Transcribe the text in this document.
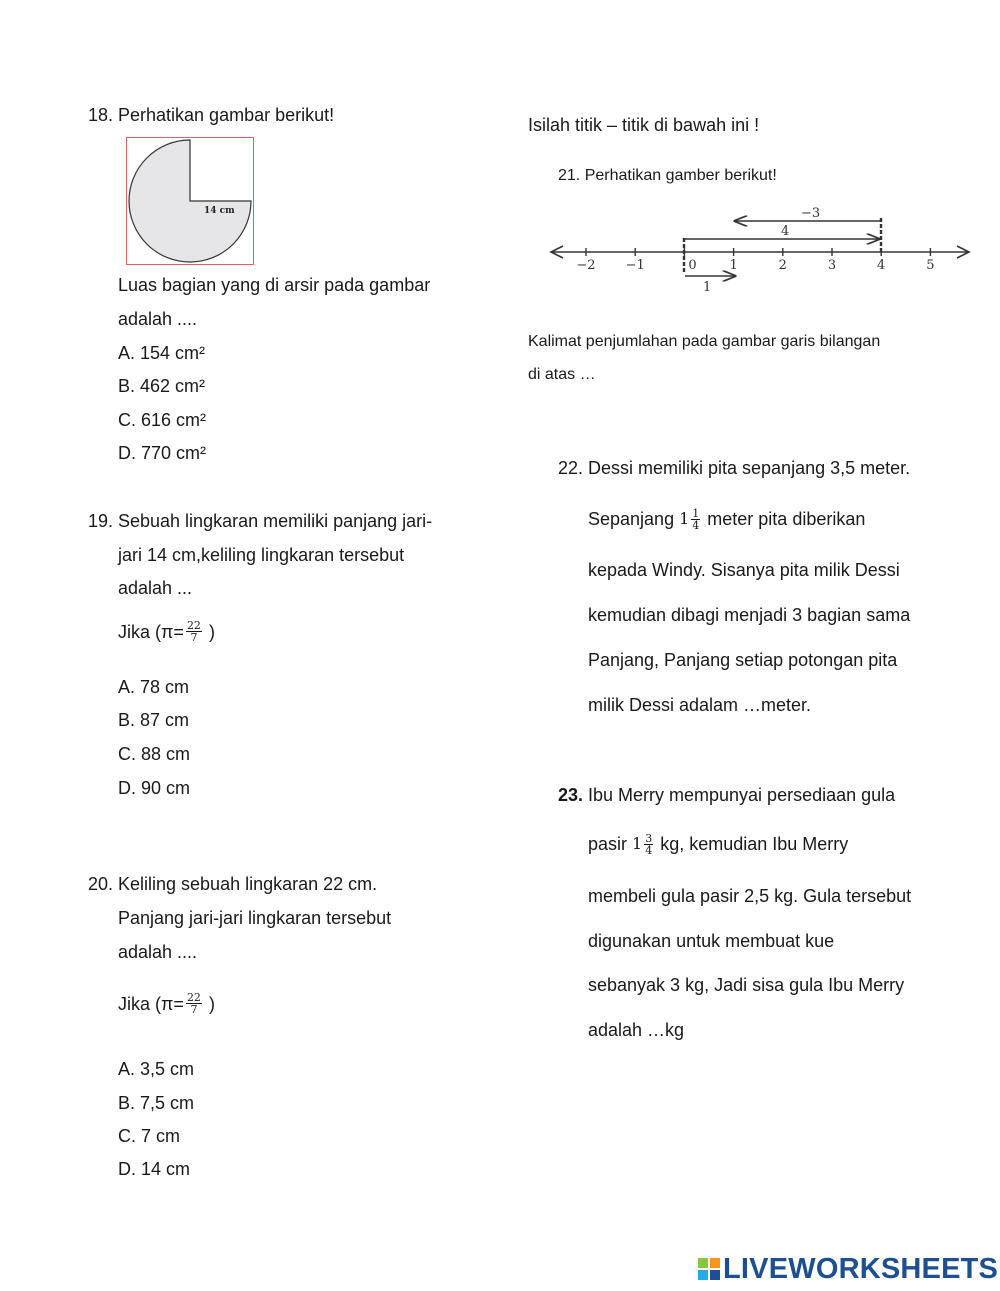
18. Perhatikan gambar berikut!
14 cm
Luas bagian yang di arsir pada gambar
adalah ....
A. 154 cm²
B. 462 cm²
C. 616 cm²
D. 770 cm²
19. Sebuah lingkaran memiliki panjang jari-
jari 14 cm,keliling lingkaran tersebut
adalah ...
Jika ($\pi= \frac{22}{7}$ )
A. 78 cm
B. 87 cm
C. 88 cm
D. 90 cm
20. Keliling sebuah lingkaran 22 cm.
Panjang jari-jari lingkaran tersebut
adalah ....
Jika ($\pi= \frac{22}{7}$ )
A. 3,5 cm
B. 7,5 cm
C. 7 cm
D. 14 cm
Isilah titik – titik di bawah ini !
21. Perhatikan gamber berikut!
−2 −1	0	1	2	3	4	5
1
4
−3
Kalimat penjumlahan pada gambar garis bilangan
di atas …
22. Dessi memiliki pita sepanjang 3,5 meter.
Sepanjang $1 \frac{1}{4}$ meter pita diberikan
kepada Windy. Sisanya pita milik Dessi
kemudian dibagi menjadi 3 bagian sama
Panjang, Panjang setiap potongan pita
milik Dessi adalam …meter.
23. Ibu Merry mempunyai persediaan gula
pasir $1 \frac{3}{4}$ kg, kemudian Ibu Merry
membeli gula pasir 2,5 kg. Gula tersebut
digunakan untuk membuat kue
sebanyak 3 kg, Jadi sisa gula Ibu Merry
adalah …kg
LIVEWORKSHEETS
